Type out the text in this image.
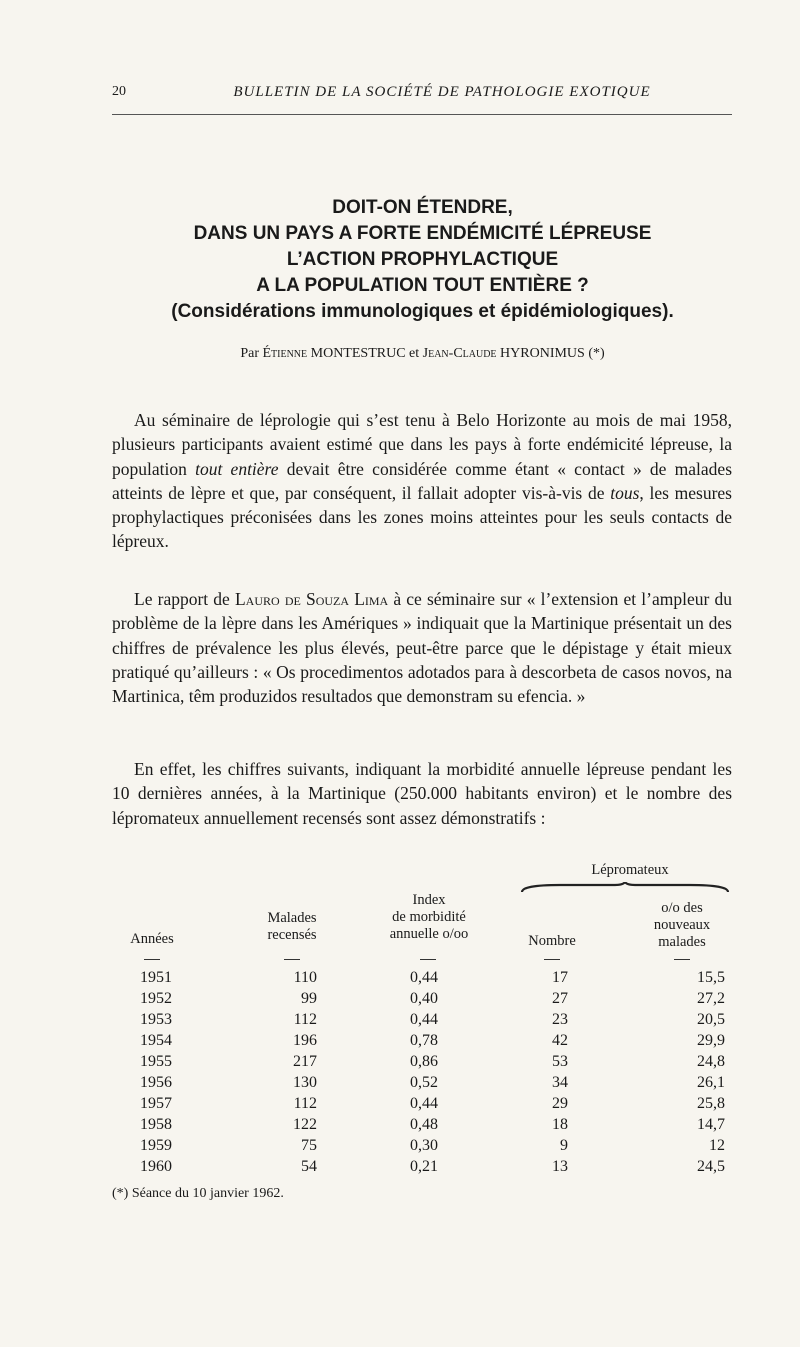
20	BULLETIN DE LA SOCIÉTÉ DE PATHOLOGIE EXOTIQUE
DOIT-ON ÉTENDRE,
DANS UN PAYS A FORTE ENDÉMICITÉ LÉPREUSE
L’ACTION PROPHYLACTIQUE
A LA POPULATION TOUT ENTIÈRE ?
(Considérations immunologiques et épidémiologiques).
Par Étienne MONTESTRUC et Jean-Claude HYRONIMUS (*)

Au séminaire de léprologie qui s’est tenu à Belo Horizonte au mois de mai 1958, plusieurs participants avaient estimé que dans les pays à forte endémicité lépreuse, la population tout entière devait être considérée comme étant « contact » de malades atteints de lèpre et que, par conséquent, il fallait adopter vis-à-vis de tous, les mesures prophylactiques préconisées dans les zones moins atteintes pour les seuls contacts de lépreux.

Le rapport de Lauro de Souza Lima à ce séminaire sur « l’extension et l’ampleur du problème de la lèpre dans les Amériques » indiquait que la Martinique présentait un des chiffres de prévalence les plus élevés, peut-être parce que le dépistage y était mieux pratiqué qu’ailleurs : « Os procedimentos adotados para à descorbeta de casos novos, na Martinica, têm produzidos resultados que demonstram su efencia. »

En effet, les chiffres suivants, indiquant la morbidité annuelle lépreuse pendant les 10 dernières années, à la Martinique (250.000 habitants environ) et le nombre des lépromateux annuellement recensés sont assez démonstratifs :

Lépromateux
Années
Malades
recensés
Index
de morbidité
annuelle o/oo	Nombre
o/o des
nouveaux
malades
1951
1952
1953
1954
1955
1956
1957
1958
1959
1960
110
99
112
196
217
130
112
122
75
54
0,44
0,40
0,44
0,78
0,86
0,52
0,44
0,48
0,30
0,21
17
27
23
42
53
34
29
18
9
13
15,5
27,2
20,5
29,9
24,8
26,1
25,8
14,7
12
24,5
(*) Séance du 10 janvier 1962.
